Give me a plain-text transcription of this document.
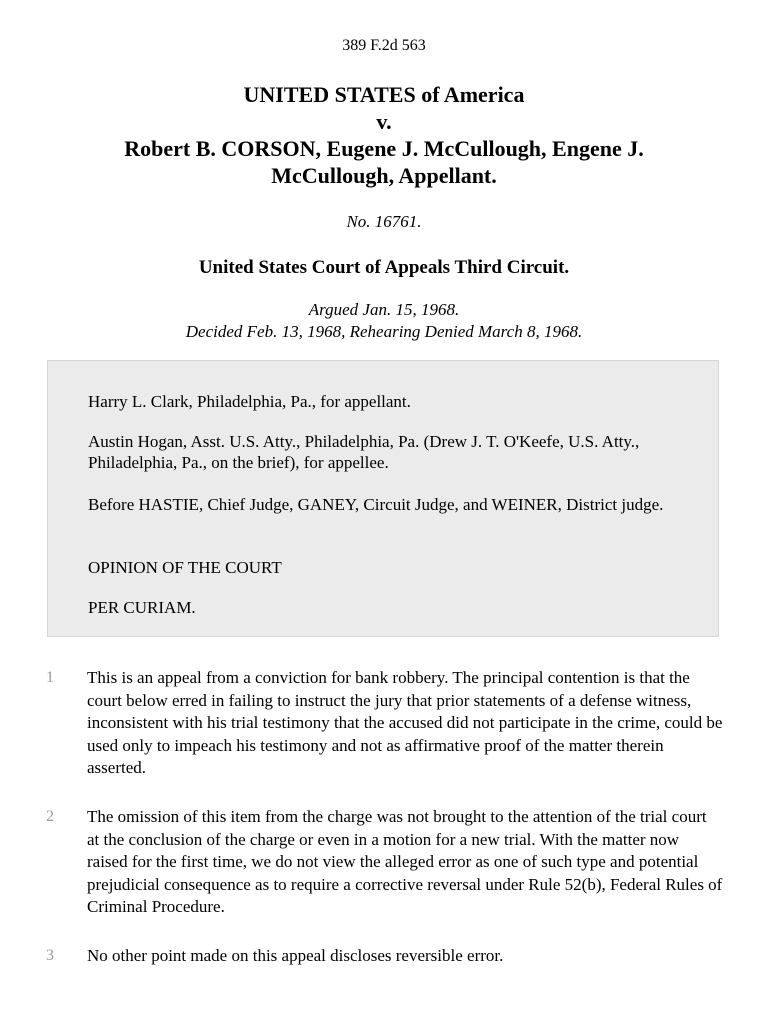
389 F.2d 563
UNITED STATES of America
v.
Robert B. CORSON, Eugene J. McCullough, Engene J.
McCullough, Appellant.
No. 16761.
United States Court of Appeals Third Circuit.
Argued Jan. 15, 1968.
Decided Feb. 13, 1968, Rehearing Denied March 8, 1968.

Harry L. Clark, Philadelphia, Pa., for appellant.

Austin Hogan, Asst. U.S. Atty., Philadelphia, Pa. (Drew J. T. O'Keefe, U.S. Atty., Philadelphia, Pa., on the brief), for appellee.

Before HASTIE, Chief Judge, GANEY, Circuit Judge, and WEINER, District judge.

OPINION OF THE COURT

PER CURIAM.

1	This is an appeal from a conviction for bank robbery. The principal contention is that the court below erred in failing to instruct the jury that prior statements of a defense witness, inconsistent with his trial testimony that the accused did not participate in the crime, could be used only to impeach his testimony and not as affirmative proof of the matter therein asserted.

2	The omission of this item from the charge was not brought to the attention of the trial court at the conclusion of the charge or even in a motion for a new trial. With the matter now raised for the first time, we do not view the alleged error as one of such type and potential prejudicial consequence as to require a corrective reversal under Rule 52(b), Federal Rules of Criminal Procedure.

3	No other point made on this appeal discloses reversible error.
